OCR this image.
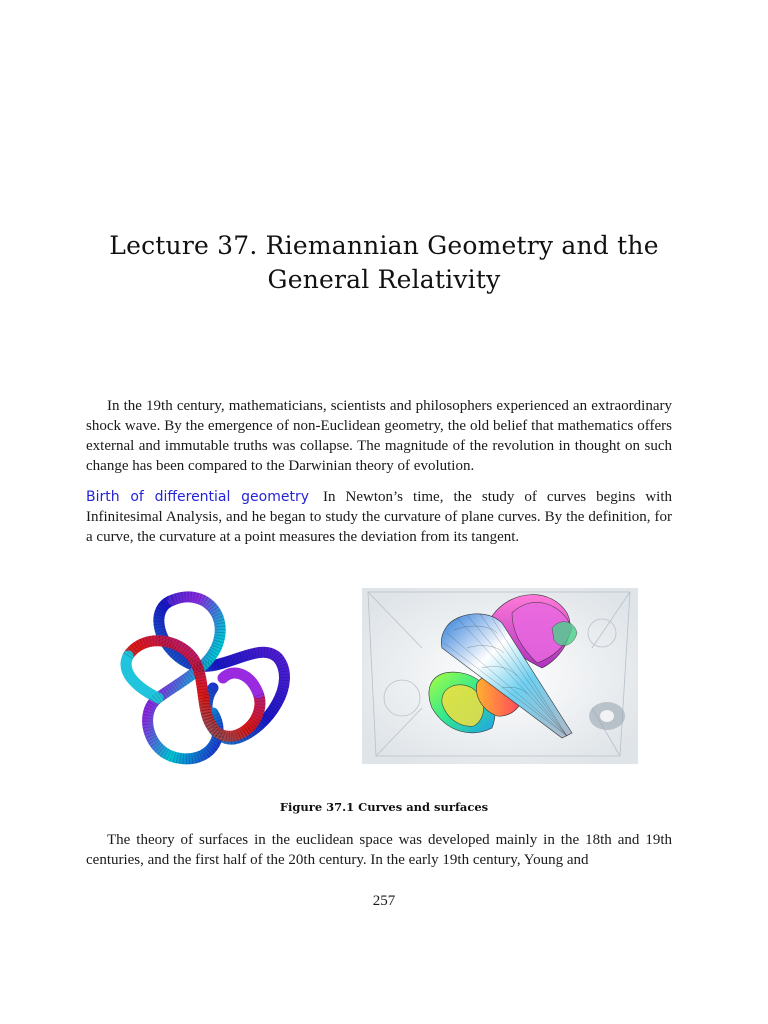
Lecture 37. Riemannian Geometry and the
General Relativity

In the 19th century, mathematicians, scientists and philosophers experienced an extraordinary shock wave. By the emergence of non-Euclidean geometry, the old belief that mathematics offers external and immutable truths was collapse. The magnitude of the revolution in thought on such change has been compared to the Darwinian theory of evolution.

Birth of differential geometry In Newton’s time, the study of curves begins with Infinitesimal Analysis, and he began to study the curvature of plane curves. By the definition, for a curve, the curvature at a point measures the deviation from its tangent.

Figure 37.1 Curves and surfaces

The theory of surfaces in the euclidean space was developed mainly in the 18th and 19th centuries, and the first half of the 20th century. In the early 19th century, Young and

257
